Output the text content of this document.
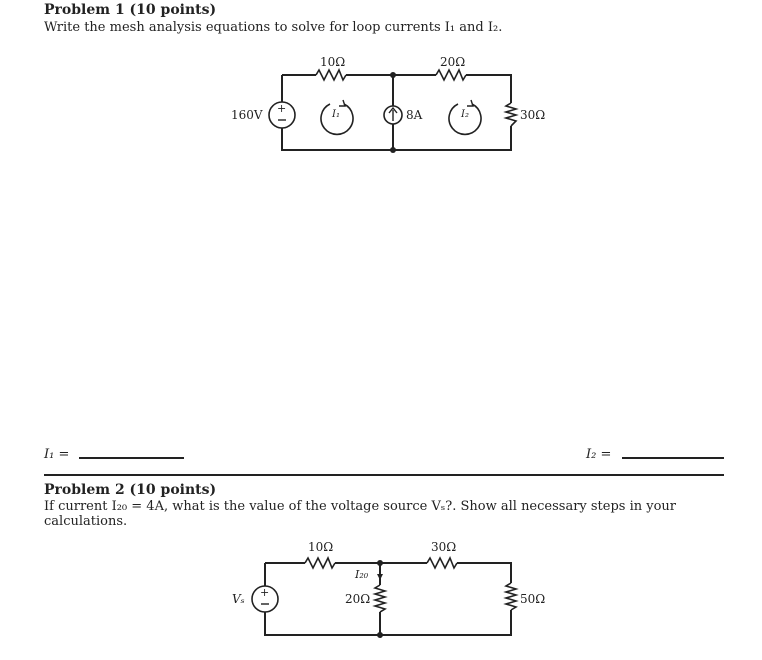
Problem 1 (10 points)
Write the mesh analysis equations to solve for loop currents I₁ and I₂.
+
10Ω	20Ω
30Ω
160V	8A
I₁	I₂
+
10Ω	30Ω
20Ω	50Ω
I₂₀
Vₛ
I₁ =	I₂ =
Problem 2 (10 points)
If current I₂₀ = 4A, what is the value of the voltage source Vₛ?. Show all necessary steps in your calculations.
